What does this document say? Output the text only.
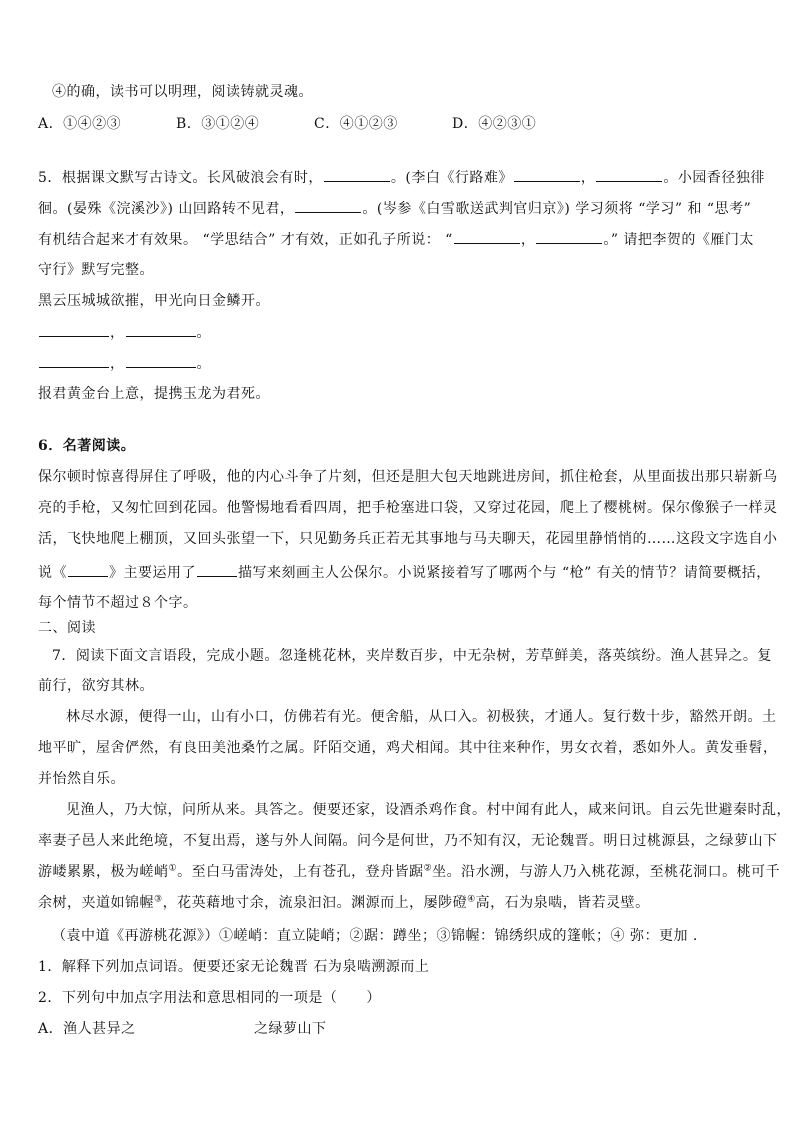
④的确，读书可以明理，阅读铸就灵魂。
A．①④②③	B．③①②④	C．④①②③	D．④②③①
5．根据课文默写古诗文。长风破浪会有时，	。(李白《行路难》	，	。小园香径独徘
徊。(晏殊《浣溪沙》) 山回路转不见君，	。(岑参《白雪歌送武判官归京》) 学习须将 “学习” 和 “思考”
有机结合起来才有效果。 “学思结合” 才有效，正如孔子所说： “	，	。” 请把李贺的《雁门太
守行》默写完整。
黑云压城城欲摧，甲光向日金鳞开。
，	。
，	。
报君黄金台上意，提携玉龙为君死。
6．名著阅读。
保尔顿时惊喜得屏住了呼吸，他的内心斗争了片刻，但还是胆大包天地跳进房间，抓住枪套，从里面拔出那只崭新乌
亮的手枪，又匆忙回到花园。他警惕地看看四周，把手枪塞进口袋，又穿过花园，爬上了樱桃树。保尔像猴子一样灵
活，飞快地爬上棚顶，又回头张望一下，只见勤务兵正若无其事地与马夫聊天，花园里静悄悄的……这段文字选自小
说《	》主要运用了	描写来刻画主人公保尔。小说紧接着写了哪两个与 “枪” 有关的情节？请简要概括，
每个情节不超过８个字。
二、阅读
7．阅读下面文言语段，完成小题。忽逢桃花林，夹岸数百步，中无杂树，芳草鲜美，落英缤纷。渔人甚异之。复
前行，欲穷其林。
林尽水源，便得一山，山有小口，仿佛若有光。便舍船，从口入。初极狭，才通人。复行数十步，豁然开朗。土
地平旷，屋舍俨然，有良田美池桑竹之属。阡陌交通，鸡犬相闻。其中往来种作，男女衣着，悉如外人。黄发垂髫，
并怡然自乐。
见渔人，乃大惊，问所从来。具答之。便要还家，设酒杀鸡作食。村中闻有此人，咸来问讯。自云先世避秦时乱，
率妻子邑人来此绝境，不复出焉，遂与外人间隔。问今是何世，乃不知有汉，无论魏晋。明日过桃源县，之绿萝山下
游嵝累累，极为嵯峭①。至白马雷涛处，上有苍孔，登舟皆踞②坐。沿水溯，与游人乃入桃花源，至桃花洞口。桃可千
余树，夹道如锦幄③，花英藉地寸余，流泉汩汩。渊源而上，屡陟磴④高，石为泉啮，皆若灵壁。
（袁中道《再游桃花源》）①嵯峭：直立陡峭；②踞：蹲坐；③锦幄：锦绣织成的篷帐；④ 弥：更加 .
1．解释下列加点词语。便要还家无论魏晋 石为泉啮溯源而上
2．下列句中加点字用法和意思相同的一项是（　　）
A．渔人甚异之	之绿萝山下
